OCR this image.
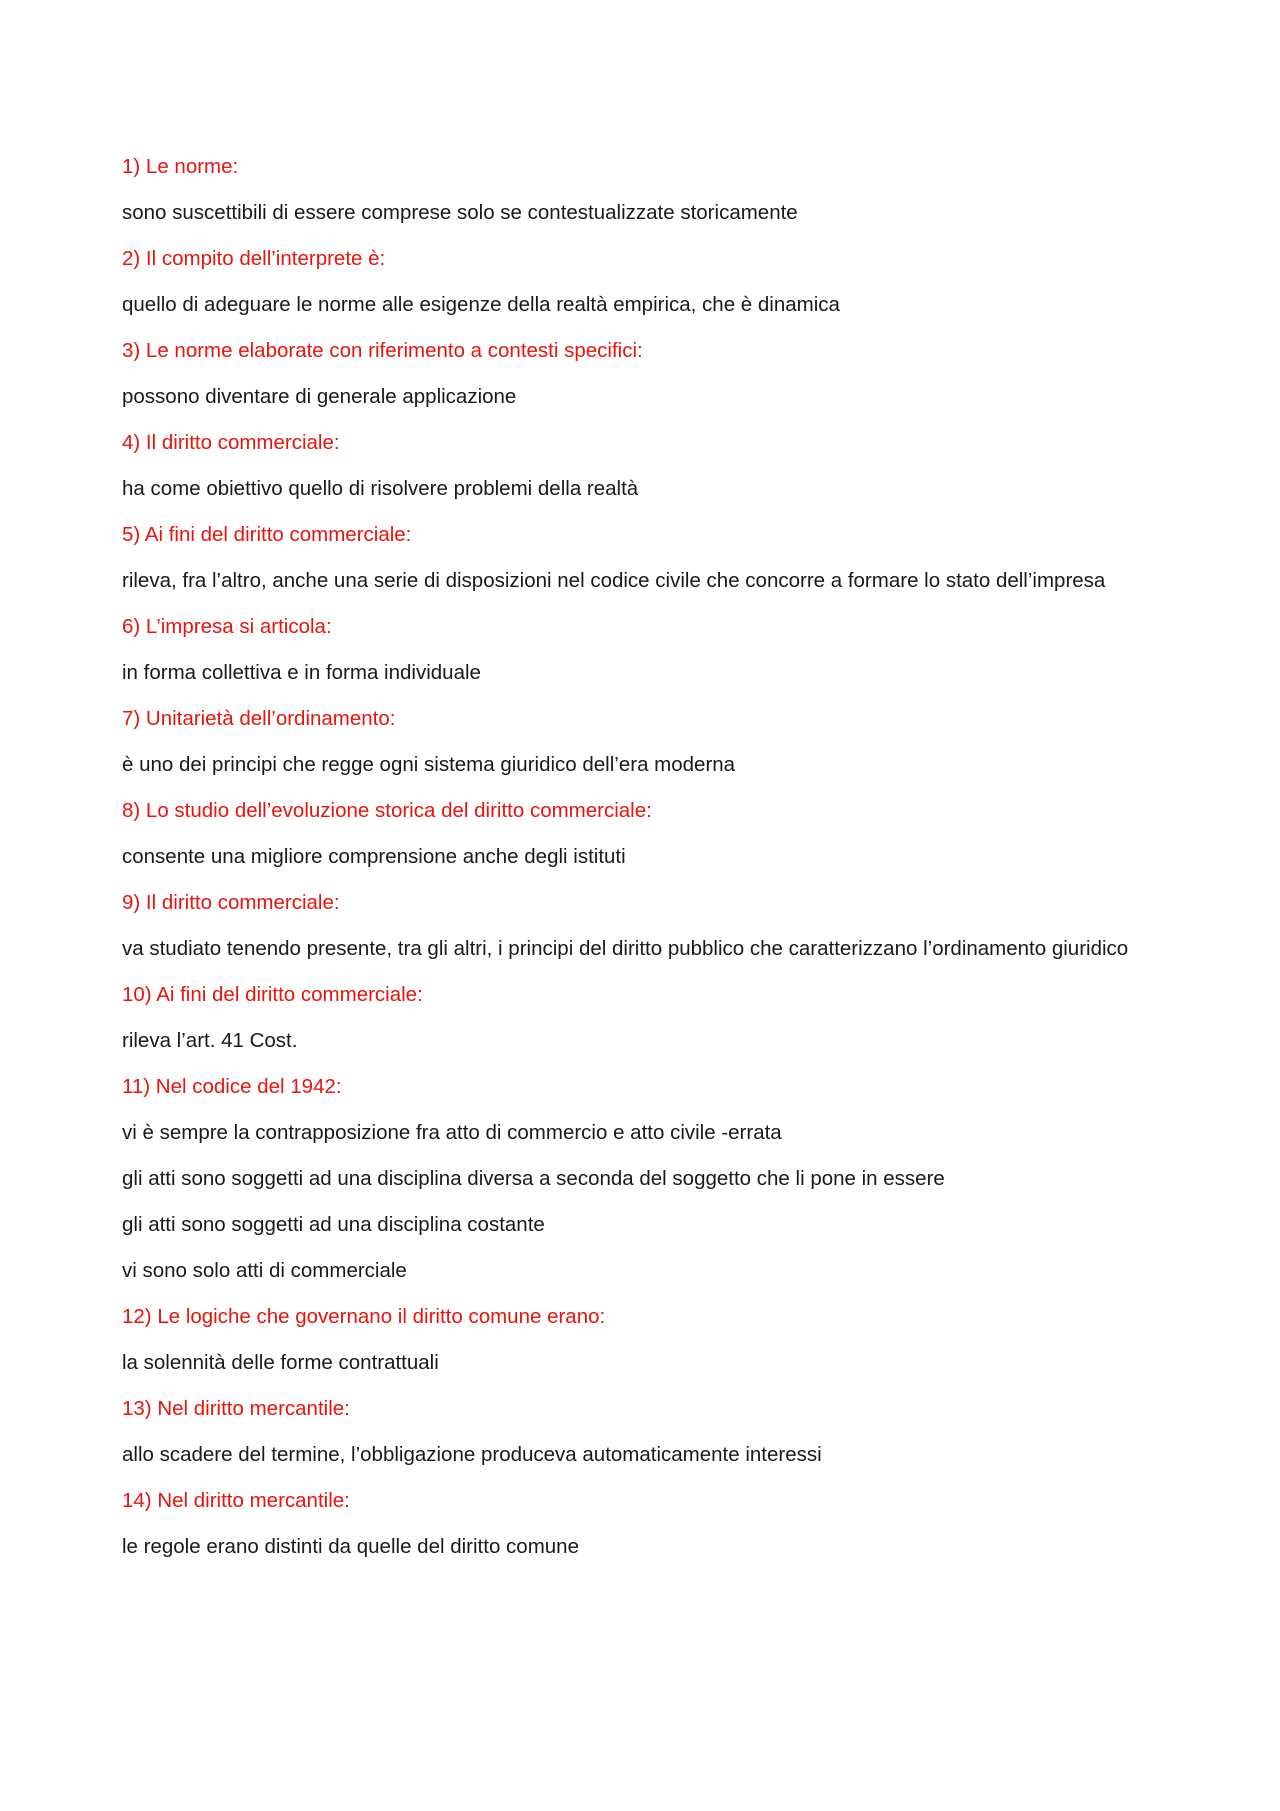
1) Le norme:

sono suscettibili di essere comprese solo se contestualizzate storicamente

2) Il compito dell’interprete è:

quello di adeguare le norme alle esigenze della realtà empirica, che è dinamica

3) Le norme elaborate con riferimento a contesti specifici:

possono diventare di generale applicazione

4) Il diritto commerciale:

ha come obiettivo quello di risolvere problemi della realtà

5) Ai fini del diritto commerciale:

rileva, fra l’altro, anche una serie di disposizioni nel codice civile che concorre a formare lo stato dell’impresa

6) L’impresa si articola:

in forma collettiva e in forma individuale

7) Unitarietà dell’ordinamento:

è uno dei principi che regge ogni sistema giuridico dell’era moderna

8) Lo studio dell’evoluzione storica del diritto commerciale:

consente una migliore comprensione anche degli istituti

9) Il diritto commerciale:

va studiato tenendo presente, tra gli altri, i principi del diritto pubblico che caratterizzano l’ordinamento giuridico

10) Ai fini del diritto commerciale:

rileva l’art. 41 Cost.

11) Nel codice del 1942:

vi è sempre la contrapposizione fra atto di commercio e atto civile -errata

gli atti sono soggetti ad una disciplina diversa a seconda del soggetto che li pone in essere

gli atti sono soggetti ad una disciplina costante

vi sono solo atti di commerciale

12) Le logiche che governano il diritto comune erano:

la solennità delle forme contrattuali

13) Nel diritto mercantile:

allo scadere del termine, l’obbligazione produceva automaticamente interessi

14) Nel diritto mercantile:

le regole erano distinti da quelle del diritto comune
